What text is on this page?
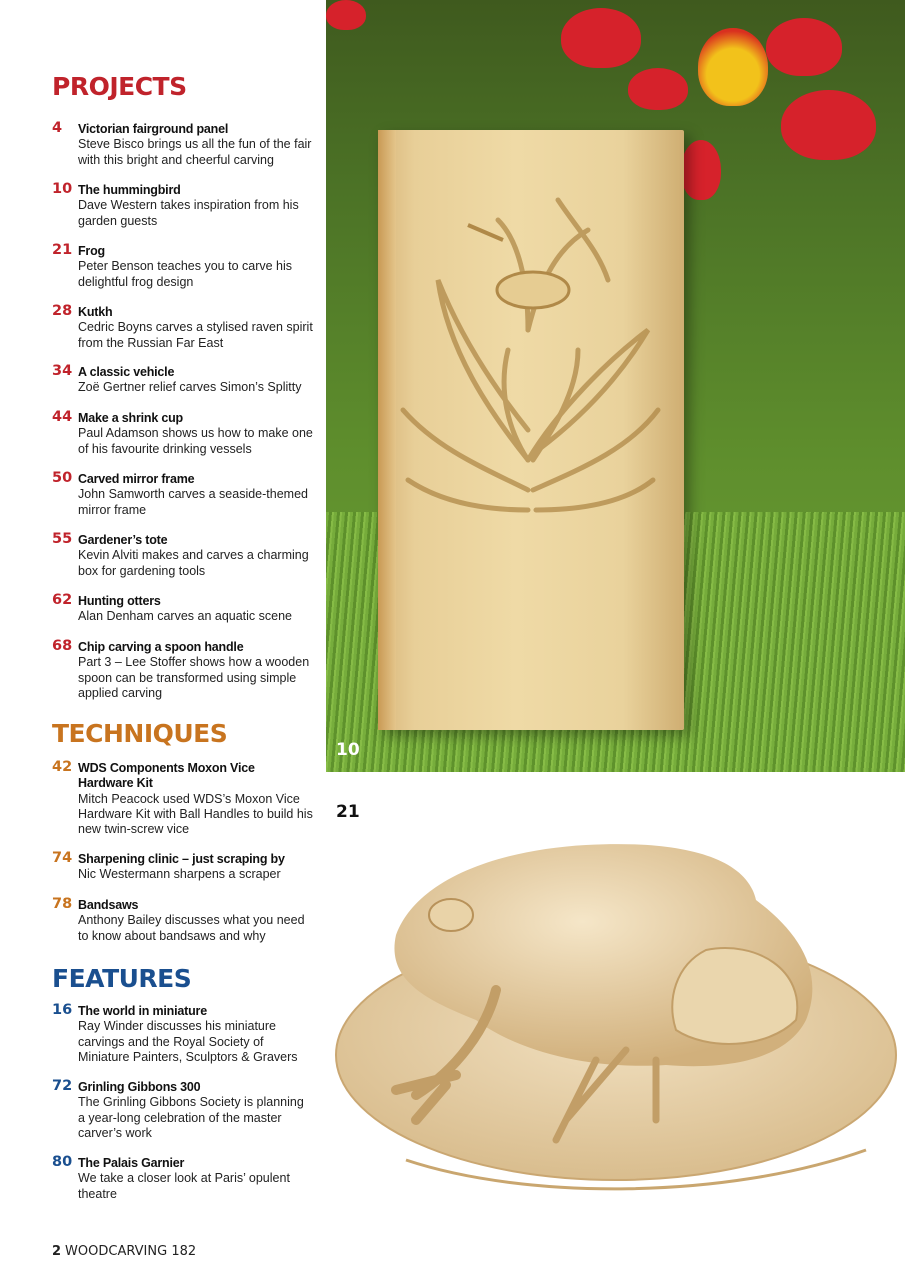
PROJECTS
4	Victorian fairground panel
Steve Bisco brings us all the fun of the fair with this bright and cheerful carving
10 The hummingbird
Dave Western takes inspiration from his garden guests
21 Frog
Peter Benson teaches you to carve his delightful frog design
28 Kutkh
Cedric Boyns carves a stylised raven spirit from the Russian Far East
34 A classic vehicle
Zoë Gertner relief carves Simon’s Splitty
44 Make a shrink cup
Paul Adamson shows us how to make one of his favourite drinking vessels
50 Carved mirror frame
John Samworth carves a seaside-themed mirror frame
55 Gardener’s tote
Kevin Alviti makes and carves a charming box for gardening tools
62 Hunting otters
Alan Denham carves an aquatic scene
68 Chip carving a spoon handle
Part 3 – Lee Stoffer shows how a wooden spoon can be transformed using simple applied carving
TECHNIQUES
42 WDS Components Moxon Vice Hardware Kit
Mitch Peacock used WDS’s Moxon Vice Hardware Kit with Ball Handles to build his new twin-screw vice
74 Sharpening clinic – just scraping by
Nic Westermann sharpens a scraper
78 Bandsaws
Anthony Bailey discusses what you need to know about bandsaws and why
FEATURES
16 The world in miniature
Ray Winder discusses his miniature carvings and the Royal Society of Miniature Painters, Sculptors & Gravers
72 Grinling Gibbons 300
The Grinling Gibbons Society is planning a year-long celebration of the master carver’s work
80 The Palais Garnier
We take a closer look at Paris’ opulent theatre
10
21
2 WOODCARVING 182
